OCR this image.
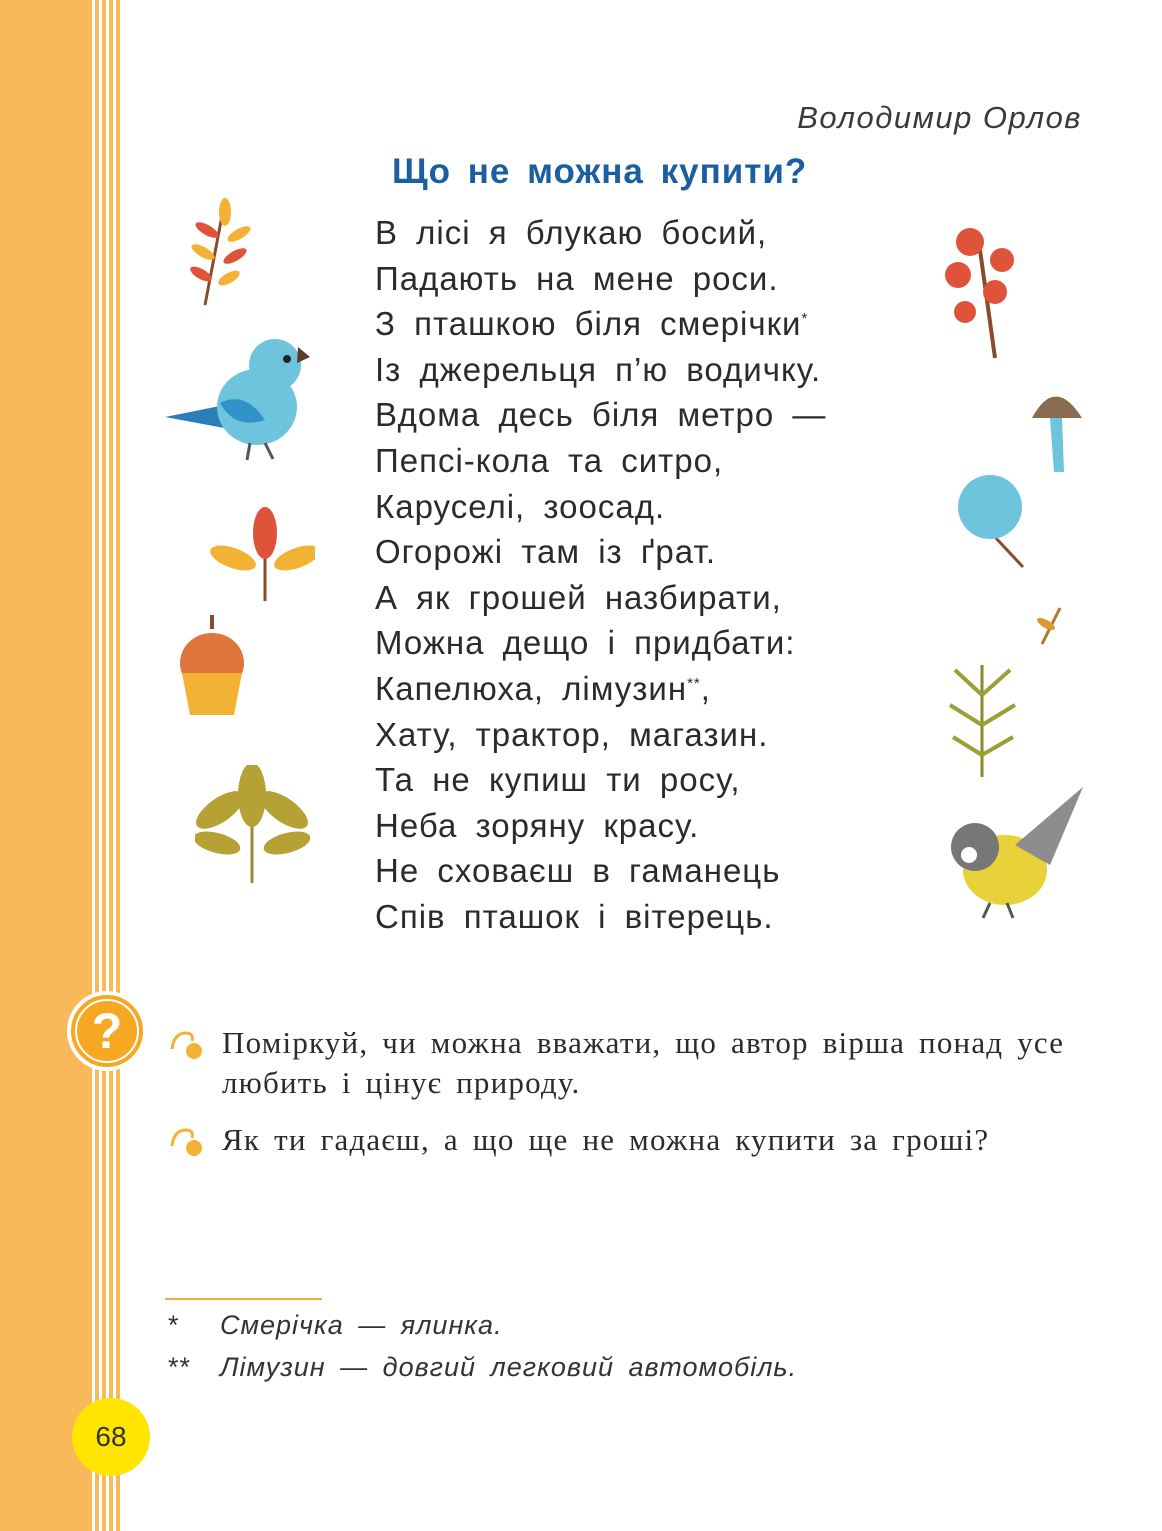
Володимир Орлов
Що не можна купити?
В лісі я блукаю босий,
Падають на мене роси.
З пташкою біля смерічки*
Із джерельця п’ю водичку.
Вдома десь біля метро —
Пепсі-кола та ситро,
Каруселі, зоосад.
Огорожі там із ґрат.
А як грошей назбирати,
Можна дещо і придбати:
Капелюха, лімузин**,
Хату, трактор, магазин.
Та не купиш ти росу,
Неба зоряну красу.
Не сховаєш в гаманець
Спів пташок і вітерець.
?	Поміркуй, чи можна вважати, що автор вірша понад усе любить і цінує природу.
Як ти гадаєш, а що ще не можна купити за гроші?
* Смерічка — ялинка.
** Лімузин — довгий легковий автомобіль.
68
